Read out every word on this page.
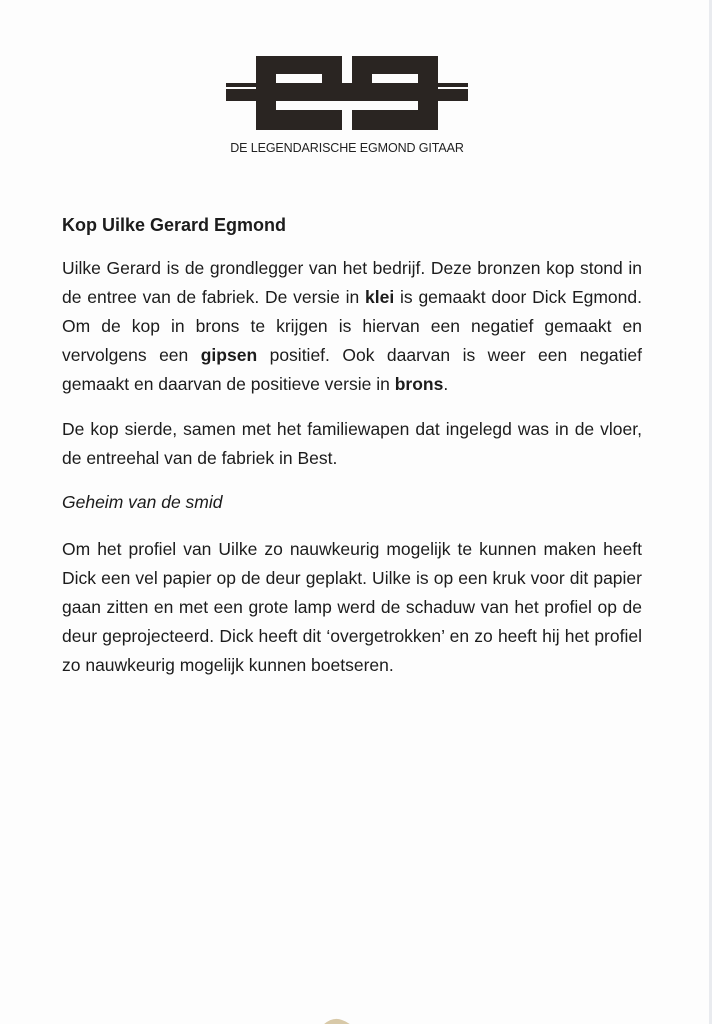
DE LEGENDARISCHE EGMOND GITAAR
Kop Uilke Gerard Egmond

Uilke Gerard is de grondlegger van het bedrijf. Deze bronzen kop stond in de entree van de fabriek. De versie in klei is gemaakt door Dick Egmond. Om de kop in brons te krijgen is hiervan een negatief gemaakt en vervolgens een gipsen positief. Ook daarvan is weer een negatief gemaakt en daarvan de positieve versie in brons.

De kop sierde, samen met het familiewapen dat ingelegd was in de vloer, de entreehal van de fabriek in Best.

Geheim van de smid

Om het profiel van Uilke zo nauwkeurig mogelijk te kunnen maken heeft Dick een vel papier op de deur geplakt. Uilke is op een kruk voor dit papier gaan zitten en met een grote lamp werd de schaduw van het profiel op de deur geprojecteerd. Dick heeft dit ‘overgetrokken’ en zo heeft hij het profiel zo nauwkeurig mogelijk kunnen boetseren.
